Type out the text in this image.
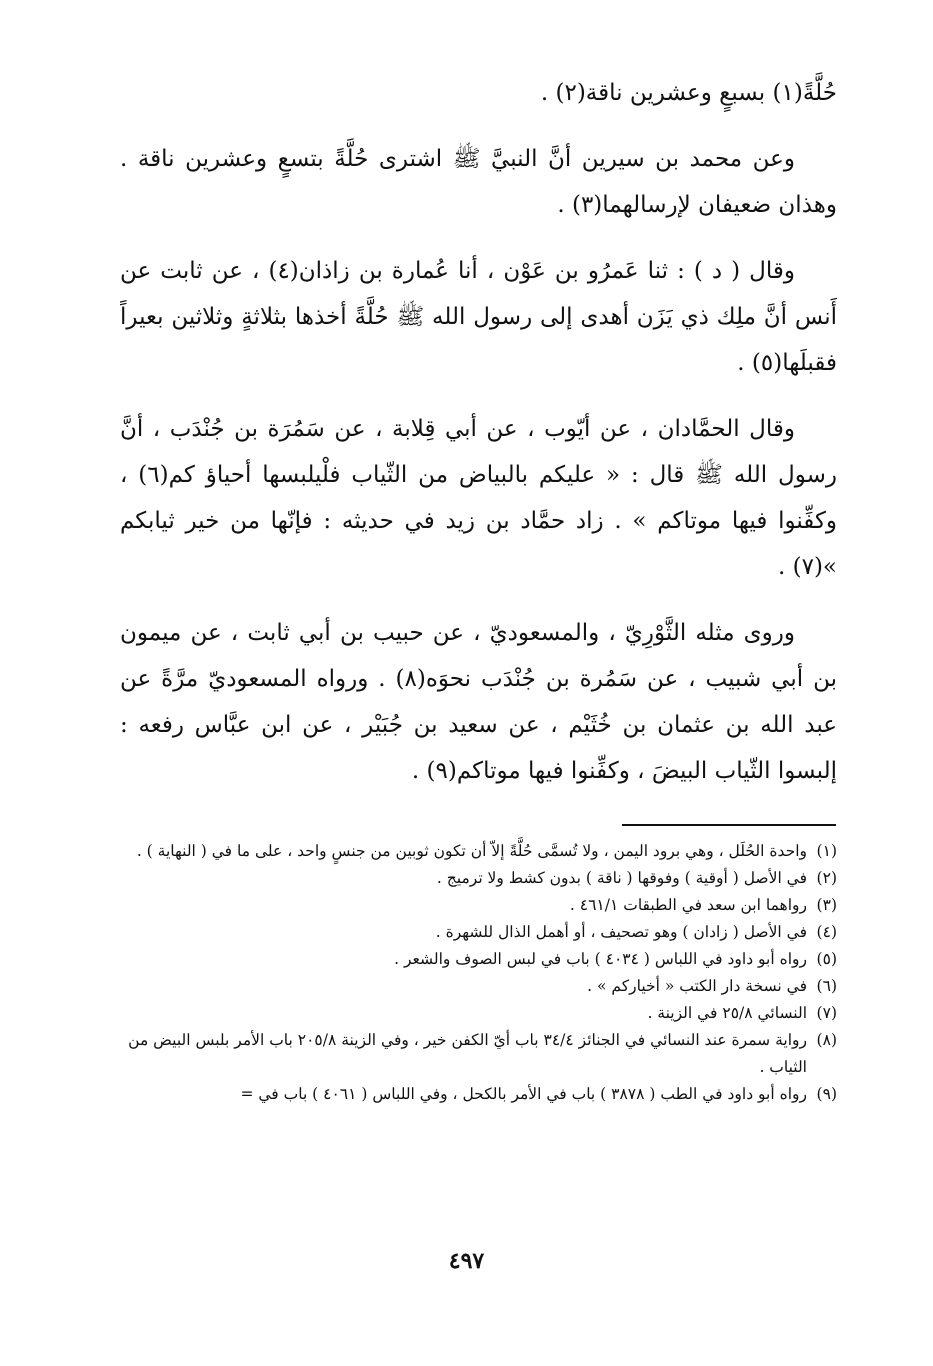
حُلَّةً(١) بسبعٍ وعشرين ناقة(٢) .

وعن محمد بن سيرين أنَّ النبيَّ ﷺ اشترى حُلَّةً بتسعٍ وعشرين ناقة . وهذان ضعيفان لإرسالهما(٣) .

وقال ( د ) : ثنا عَمرُو بن عَوْن ، أنا عُمارة بن زاذان(٤) ، عن ثابت عن أَنس أنَّ ملِك ذي يَزَن أهدى إلى رسول الله ﷺ حُلَّةً أخذها بثلاثةٍ وثلاثين بعيراً فقبلَها(٥) .

وقال الحمَّادان ، عن أيّوب ، عن أبي قِلابة ، عن سَمُرَة بن جُنْدَب ، أنَّ رسول الله ﷺ قال : « عليكم بالبياض من الثّياب فلْيلبسها أحياؤ كم(٦) ، وكفِّنوا فيها موتاكم » . زاد حمَّاد بن زيد في حديثه : فإنّها من خير ثيابكم »(٧) .

وروى مثله الثَّوْرِيّ ، والمسعوديّ ، عن حبيب بن أبي ثابت ، عن ميمون بن أبي شبيب ، عن سَمُرة بن جُنْدَب نحوَه(٨) . ورواه المسعوديّ مرَّةً عن عبد الله بن عثمان بن خُثَيْم ، عن سعيد بن جُبَيْر ، عن ابن عبَّاس رفعه : إلبسوا الثّياب البيضَ ، وكفِّنوا فيها موتاكم(٩) .

(١)
واحدة الحُلَل ، وهي برود اليمن ، ولا تُسمَّى حُلَّةً إلاّ أن تكون ثوبين من جنسٍ واحد ، على ما في ( النهاية ) .

(٢)
في الأصل ( أوقية ) وفوقها ( ناقة ) بدون كشط ولا ترميج .

(٣)
رواهما ابن سعد في الطبقات ٤٦١/١ .

(٤)
في الأصل ( زادان ) وهو تصحيف ، أو أهمل الذال للشهرة .

(٥)
رواه أبو داود في اللباس ( ٤٠٣٤ ) باب في لبس الصوف والشعر .

(٦)
في نسخة دار الكتب « أخياركم » .

(٧)
النسائي ٢٥/٨ في الزينة .

(٨)
رواية سمرة عند النسائي في الجنائز ٣٤/٤ باب أيّ الكفن خير ، وفي الزينة ٢٠٥/٨ باب الأمر بلبس البيض من الثياب .

(٩)
رواه أبو داود في الطب ( ٣٨٧٨ ) باب في الأمر بالكحل ، وفي اللباس ( ٤٠٦١ ) باب في =

٤٩٧
